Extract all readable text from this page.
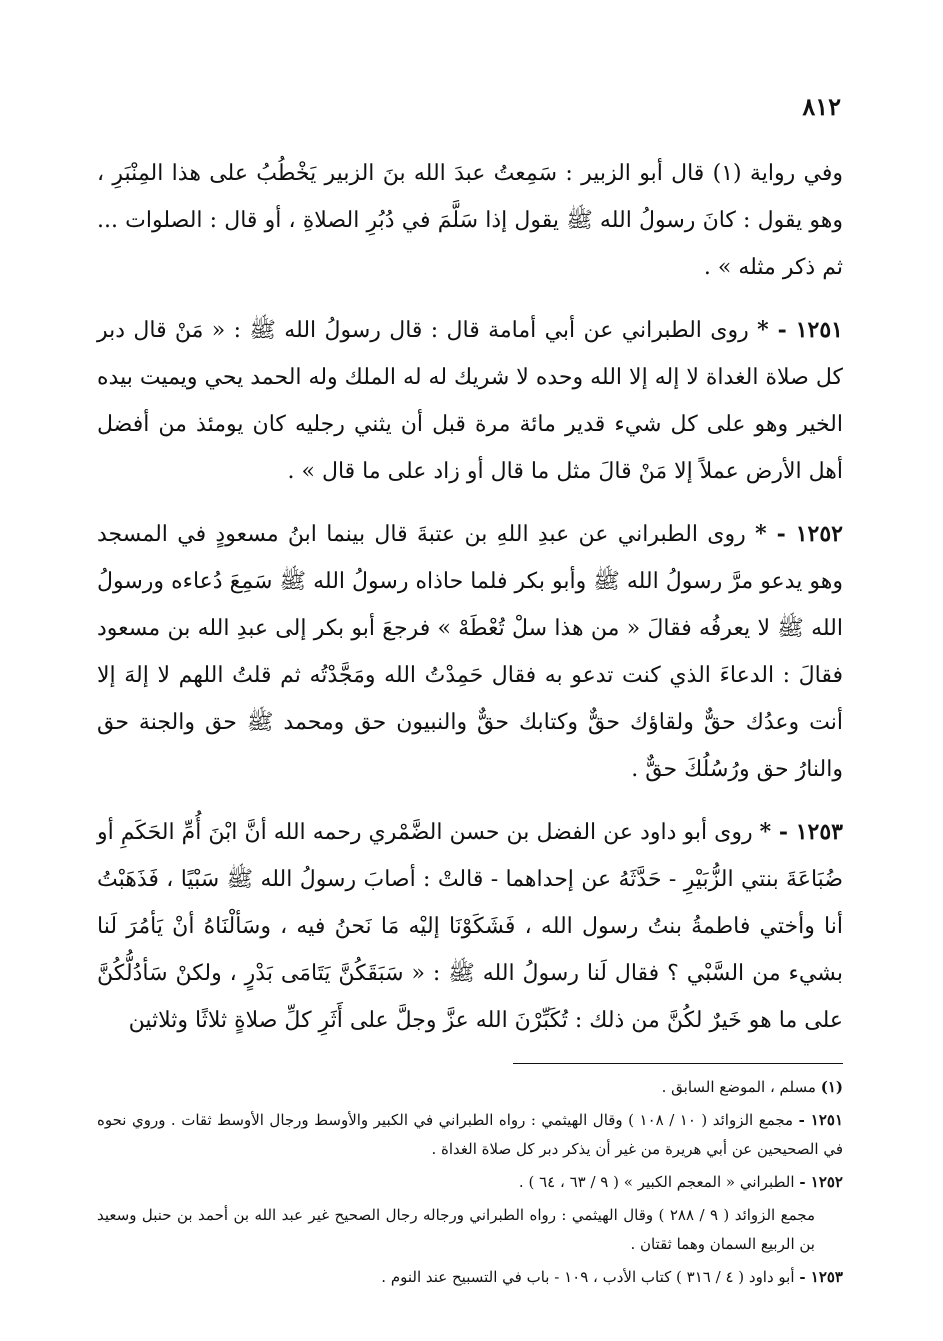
٨١٢

وفي رواية (١) قال أبو الزبير : سَمِعتُ عبدَ الله بنَ الزبير يَخْطُبُ على هذا المِنْبَرِ ، وهو يقول : كانَ رسولُ الله ﷺ يقول إذا سَلَّمَ في دُبُرِ الصلاةِ ، أو قال : الصلوات ... ثم ذكر مثله » .

١٢٥١ - * روى الطبراني عن أبي أمامة قال : قال رسولُ الله ﷺ : « مَنْ قال دبر كل صلاة الغداة لا إله إلا الله وحده لا شريك له له الملك وله الحمد يحي ويميت بيده الخير وهو على كل شيء قدير مائة مرة قبل أن يثني رجليه كان يومئذ من أفضل أهل الأرض عملاً إلا مَنْ قالَ مثل ما قال أو زاد على ما قال » .

١٢٥٢ - * روى الطبراني عن عبدِ اللهِ بن عتبةَ قال بينما ابنُ مسعودٍ في المسجد وهو يدعو مرَّ رسولُ الله ﷺ وأبو بكر فلما حاذاه رسولُ الله ﷺ سَمِعَ دُعاءه ورسولُ الله ﷺ لا يعرفُه فقالَ « من هذا سلْ تُعْطَهْ » فرجعَ أبو بكر إلى عبدِ الله بن مسعود فقالَ : الدعاءَ الذي كنت تدعو به فقال حَمِدْتُ الله ومَجَّدْتُه ثم قلتُ اللهم لا إلهَ إلا أنت وعدُك حقٌّ ولقاؤك حقٌّ وكتابك حقٌّ والنبيون حق ومحمد ﷺ حق والجنة حق والنارُ حق ورُسُلُكَ حقٌّ .

١٢٥٣ - * روى أبو داود عن الفضل بن حسن الضَّمْري رحمه الله أنَّ ابْنَ أُمِّ الحَكَمِ أو ضُبَاعَةَ بنتي الزُّبَيْرِ - حَدَّثَهُ عن إحداهما - قالتْ : أصابَ رسولُ الله ﷺ سَبْيًا ، فَذَهَبْتُ أنا وأختي فاطمةُ بنتُ رسول الله ، فَشَكَوْنَا إليْه مَا نَحنُ فيه ، وسَألْنَاهُ أنْ يَأمُرَ لَنا بشيء من السَّبْي ؟ فقال لَنا رسولُ الله ﷺ : « سَبَقَكُنَّ يَتَامَى بَدْرٍ ، ولكنْ سَأدُلُّكُنَّ على ما هو خَيرٌ لكُنَّ من ذلك : تُكَبِّرْنَ الله عزَّ وجلَّ على أَثَرِ كلِّ صلاةٍ ثلاثًا وثلاثين

(١) مسلم ، الموضع السابق .

١٢٥١ - مجمع الزوائد ( ١٠ / ١٠٨ ) وقال الهيثمي : رواه الطبراني في الكبير والأوسط ورجال الأوسط ثقات . وروي نحوه في الصحيحين عن أبي هريرة من غير أن يذكر دبر كل صلاة الغداة .

١٢٥٢ - الطبراني « المعجم الكبير » ( ٩ / ٦٣ ، ٦٤ ) .

مجمع الزوائد ( ٩ / ٢٨٨ ) وقال الهيثمي : رواه الطبراني ورجاله رجال الصحيح غير عبد الله بن أحمد بن حنبل وسعيد بن الربيع السمان وهما ثقتان .

١٢٥٣ - أبو داود ( ٤ / ٣١٦ ) كتاب الأدب ، ١٠٩ - باب في التسبيح عند النوم .
